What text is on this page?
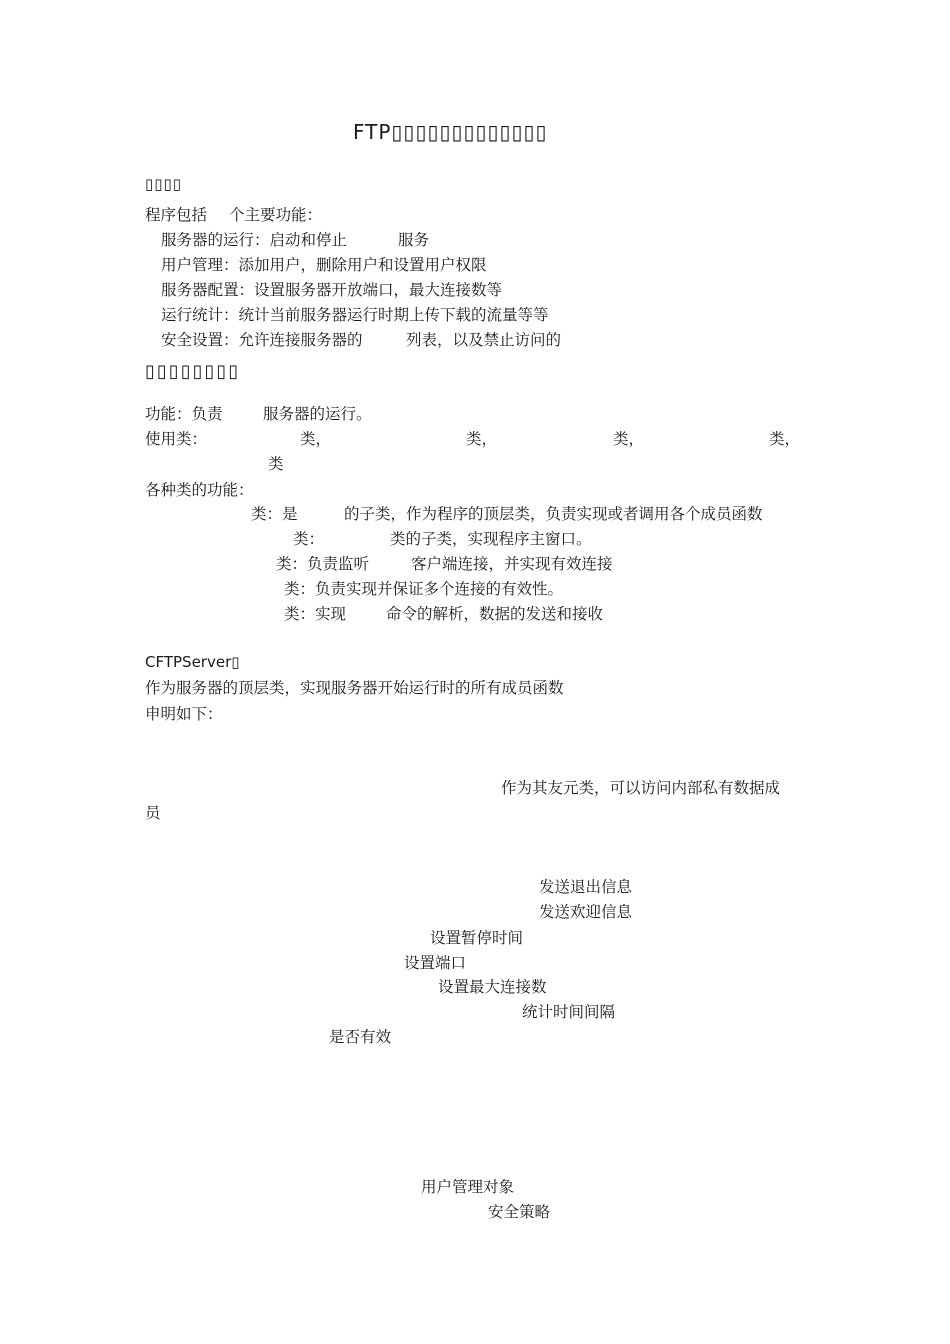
FTP▯▯▯▯▯▯▯▯▯▯▯▯▯
▯▯▯▯
程序包括 个主要功能：
服务器的运行：启动和停止	服务
用户管理：添加用户，删除用户和设置用户权限
服务器配置：设置服务器开放端口，最大连接数等
运行统计：统计当前服务器运行时期上传下载的流量等等
安全设置：允许连接服务器的	列表，以及禁止访问的
▯▯▯▯▯▯▯▯
功能：负责	服务器的运行。
使用类：	类，	类，	类，	类，
类
各种类的功能：
类：是	的子类，作为程序的顶层类，负责实现或者调用各个成员函数
类：	类的子类，实现程序主窗口。
类：负责监听	客户端连接，并实现有效连接
类：负责实现并保证多个连接的有效性。
类：实现	命令的解析，数据的发送和接收
CFTPServer▯
作为服务器的顶层类，实现服务器开始运行时的所有成员函数
申明如下：
作为其友元类，可以访问内部私有数据成
员
发送退出信息
发送欢迎信息
设置暂停时间
设置端口
设置最大连接数
统计时间间隔
是否有效
用户管理对象
安全策略
